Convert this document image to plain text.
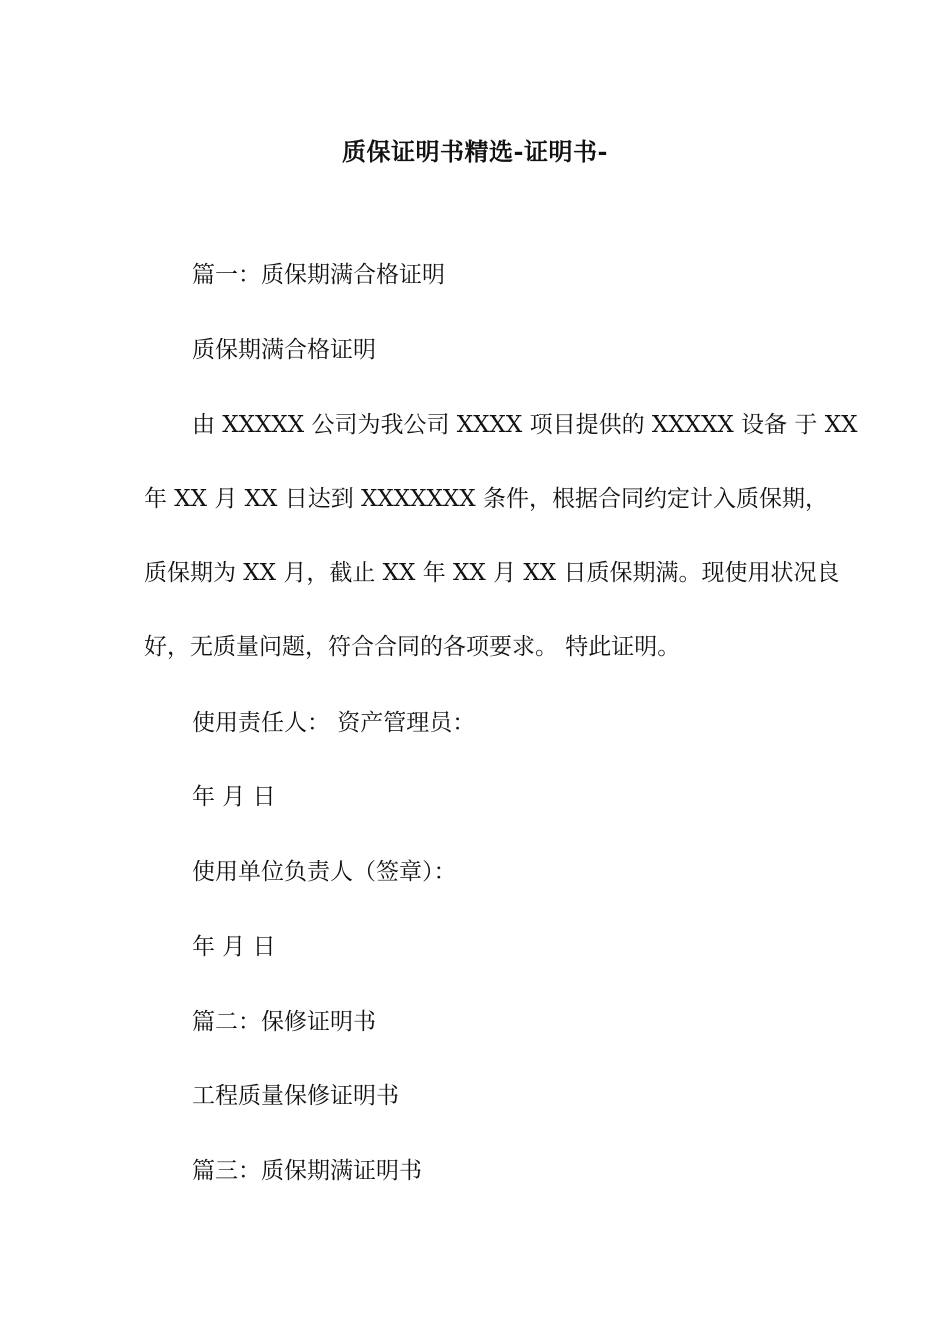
质保证明书精选-证明书-
篇一：质保期满合格证明
质保期满合格证明
由 XXXXX 公司为我公司 XXXX 项目提供的 XXXXX 设备 于 XX
年 XX 月 XX 日达到 XXXXXXX 条件，根据合同约定计入质保期，
质保期为 XX 月，截止 XX 年 XX 月 XX 日质保期满。现使用状况良
好，无质量问题，符合合同的各项要求。 特此证明。
使用责任人： 资产管理员：
年 月 日
使用单位负责人（签章）：
年 月 日
篇二：保修证明书
工程质量保修证明书
篇三：质保期满证明书
